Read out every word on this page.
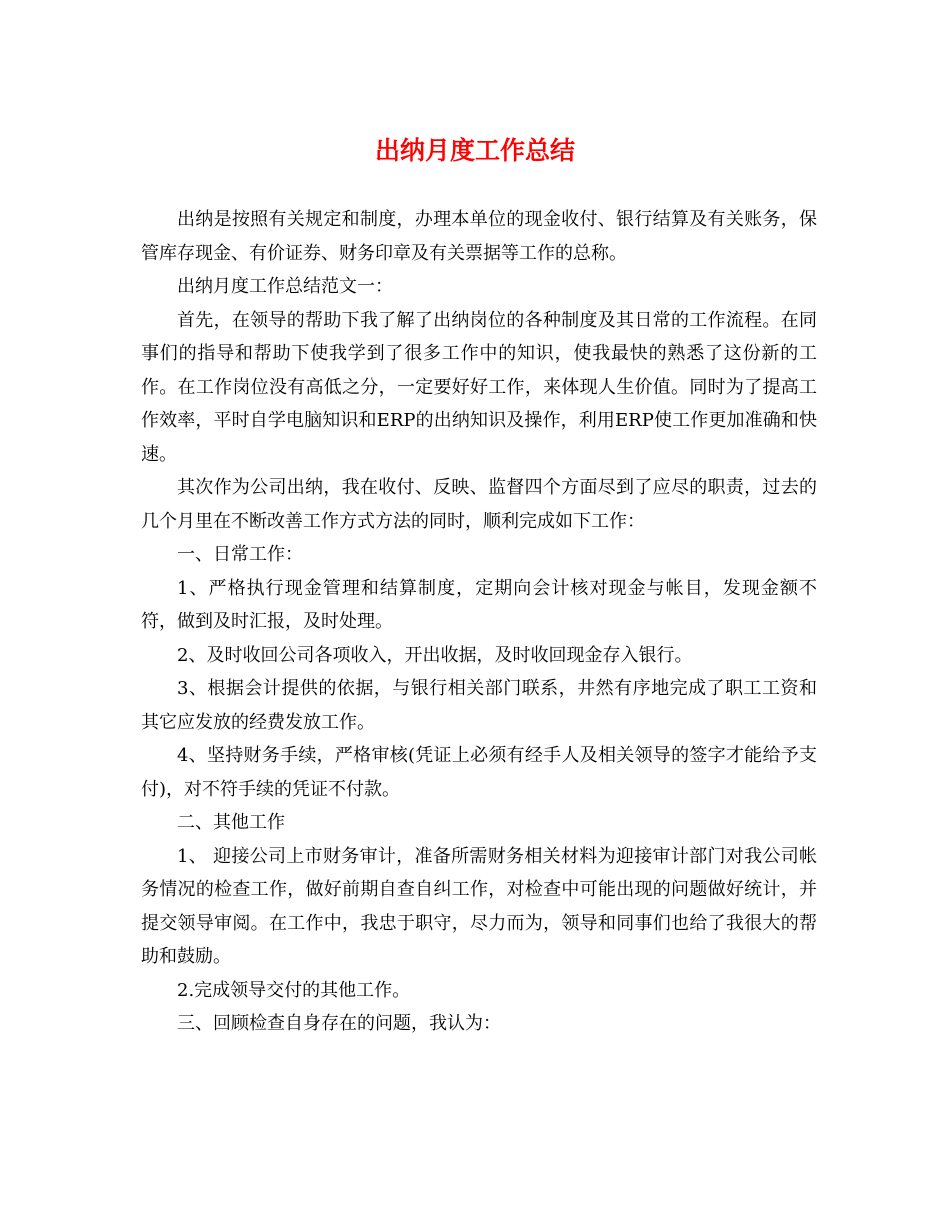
出纳月度工作总结

出纳是按照有关规定和制度，办理本单位的现金收付、银行结算及有关账务，保管库存现金、有价证券、财务印章及有关票据等工作的总称。

出纳月度工作总结范文一：

首先，在领导的帮助下我了解了出纳岗位的各种制度及其日常的工作流程。在同事们的指导和帮助下使我学到了很多工作中的知识，使我最快的熟悉了这份新的工作。在工作岗位没有高低之分，一定要好好工作，来体现人生价值。同时为了提高工作效率，平时自学电脑知识和ERP的出纳知识及操作，利用ERP使工作更加准确和快速。

其次作为公司出纳，我在收付、反映、监督四个方面尽到了应尽的职责，过去的几个月里在不断改善工作方式方法的同时，顺利完成如下工作：

一、日常工作：

1、严格执行现金管理和结算制度，定期向会计核对现金与帐目，发现金额不符，做到及时汇报，及时处理。

2、及时收回公司各项收入，开出收据，及时收回现金存入银行。

3、根据会计提供的依据，与银行相关部门联系，井然有序地完成了职工工资和其它应发放的经费发放工作。

4、坚持财务手续，严格审核(凭证上必须有经手人及相关领导的签字才能给予支付)，对不符手续的凭证不付款。

二、其他工作

1、 迎接公司上市财务审计，准备所需财务相关材料为迎接审计部门对我公司帐务情况的检查工作，做好前期自查自纠工作，对检查中可能出现的问题做好统计，并提交领导审阅。在工作中，我忠于职守，尽力而为，领导和同事们也给了我很大的帮助和鼓励。

2.完成领导交付的其他工作。

三、回顾检查自身存在的问题，我认为：
